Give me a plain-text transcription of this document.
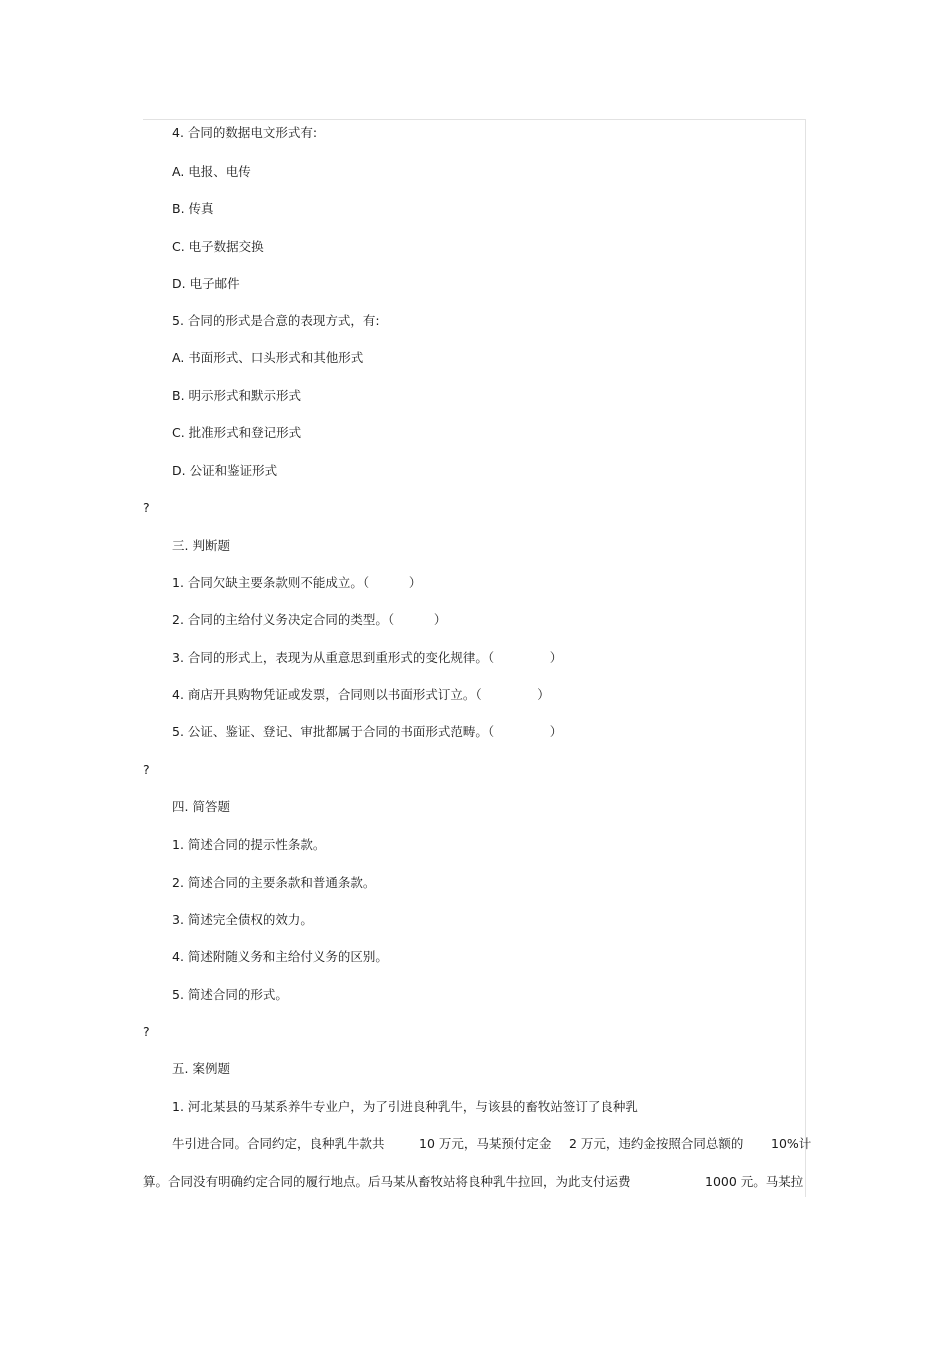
4. 合同的数据电文形式有:
A. 电报、电传
B. 传真
C. 电子数据交换
D. 电子邮件
5. 合同的形式是合意的表现方式，有:
A. 书面形式、口头形式和其他形式
B. 明示形式和默示形式
C. 批准形式和登记形式
D. 公证和鉴证形式
?
三. 判断题
1. 合同欠缺主要条款则不能成立。（          ）
2. 合同的主给付义务决定合同的类型。（          ）
3. 合同的形式上，表现为从重意思到重形式的变化规律。（              ）
4. 商店开具购物凭证或发票，合同则以书面形式订立。（              ）
5. 公证、鉴证、登记、审批都属于合同的书面形式范畴。（              ）
?
四. 简答题
1. 简述合同的提示性条款。
2. 简述合同的主要条款和普通条款。
3. 简述完全债权的效力。
4. 简述附随义务和主给付义务的区别。
5. 简述合同的形式。
?
五. 案例题
1. 河北某县的马某系养牛专业户，为了引进良种乳牛，与该县的畜牧站签订了良种乳
牛引进合同。合同约定，良种乳牛款共	10 万元，马某预付定金 2 万元，违约金按照合同总额的 10%计
算。合同没有明确约定合同的履行地点。后马某从畜牧站将良种乳牛拉回，为此支付运费	1000 元。马某拉
